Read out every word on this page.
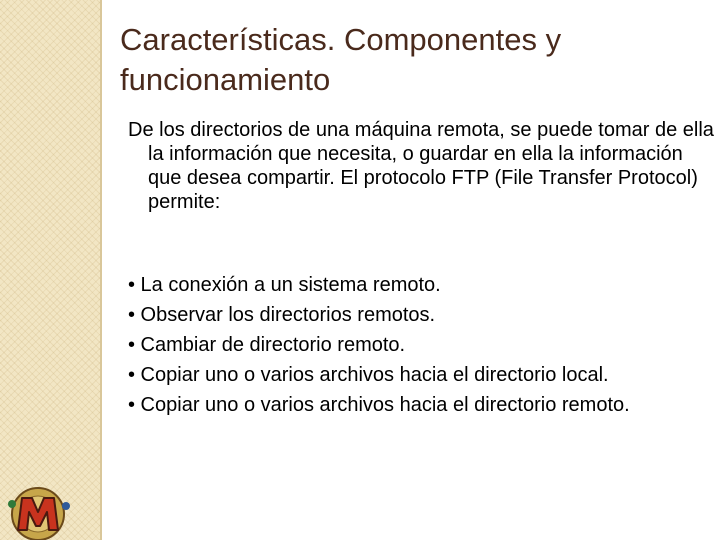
Características. Componentes y funcionamiento

De los directorios de una máquina remota, se puede tomar de ella la información que necesita, o guardar en ella la información que desea compartir. El protocolo FTP (File Transfer Protocol) permite:

• La conexión a un sistema remoto.
• Observar los directorios remotos.
• Cambiar de directorio remoto.
• Copiar uno o varios archivos hacia el directorio local.
• Copiar uno o varios archivos hacia el directorio remoto.
